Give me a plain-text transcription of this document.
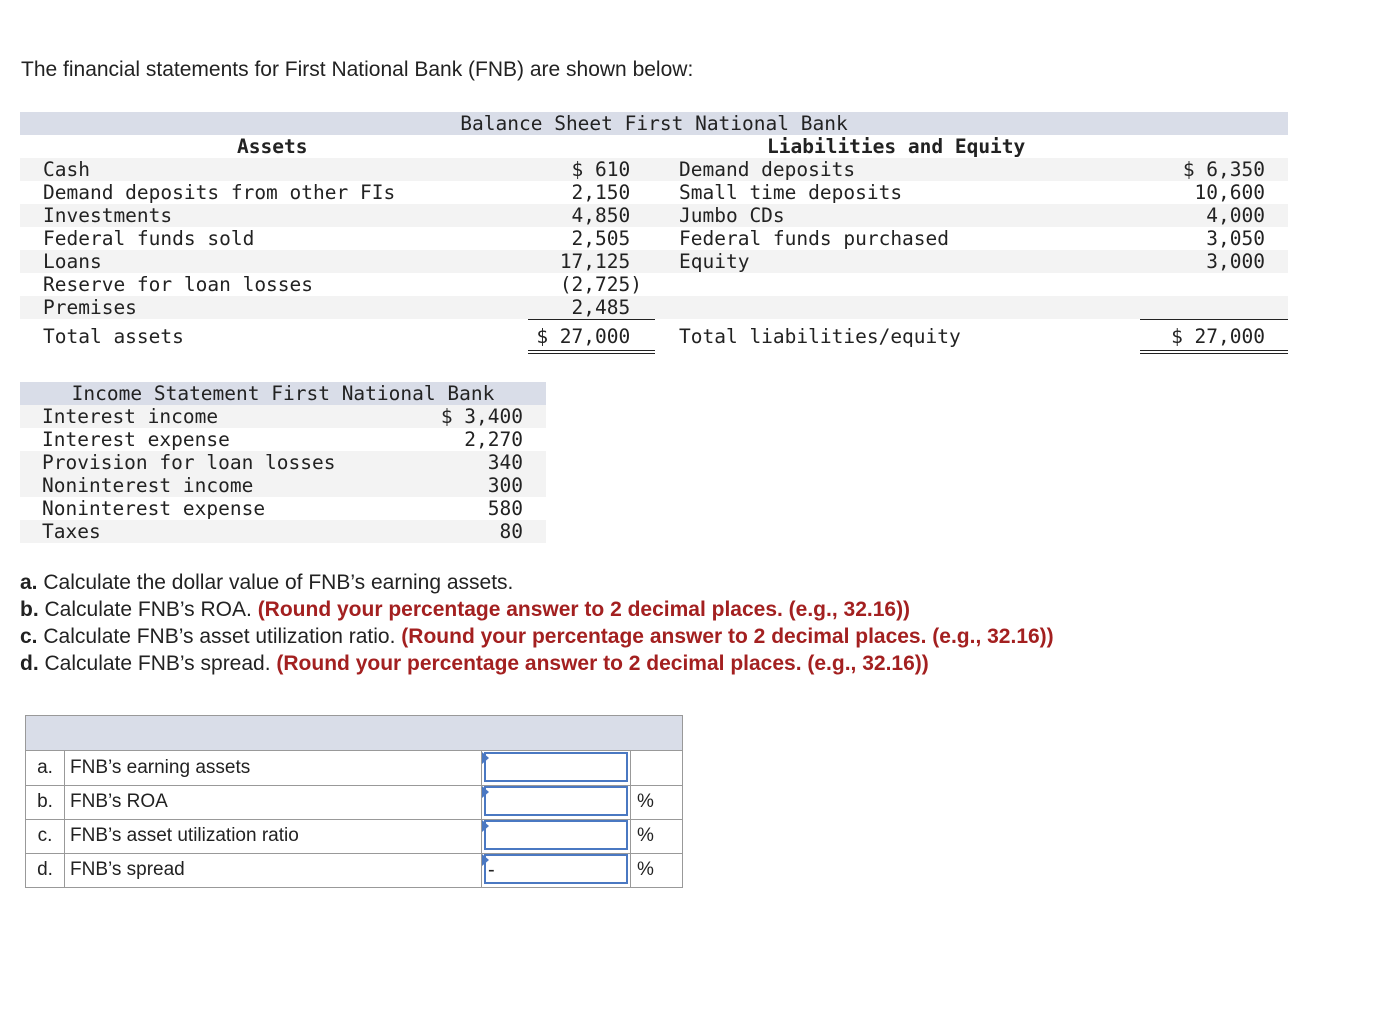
The financial statements for First National Bank (FNB) are shown below:
Balance Sheet First National Bank
Assets	Liabilities and Equity
Cash	$ 610 Demand deposits	$ 6,350
Demand deposits from other FIs	2,150 Small time deposits	10,600
Investments	4,850 Jumbo CDs	4,000
Federal funds sold	2,505 Federal funds purchased	3,050
Loans	17,125 Equity	3,000
Reserve for loan losses	(2,725)
Premises	2,485
Total assets	$ 27,000 Total liabilities/equity	$ 27,000
Income Statement First National Bank
Interest income	$ 3,400
Interest expense	2,270
Provision for loan losses	340
Noninterest income	300
Noninterest expense	580
Taxes	80
a. Calculate the dollar value of FNB’s earning assets.
b. Calculate FNB’s ROA. (Round your percentage answer to 2 decimal places. (e.g., 32.16))
c. Calculate FNB’s asset utilization ratio. (Round your percentage answer to 2 decimal places. (e.g., 32.16))
d. Calculate FNB’s spread. (Round your percentage answer to 2 decimal places. (e.g., 32.16))
a. FNB’s earning assets
b. FNB’s ROA	%
c. FNB’s asset utilization ratio	%
d. FNB’s spread	-	%
